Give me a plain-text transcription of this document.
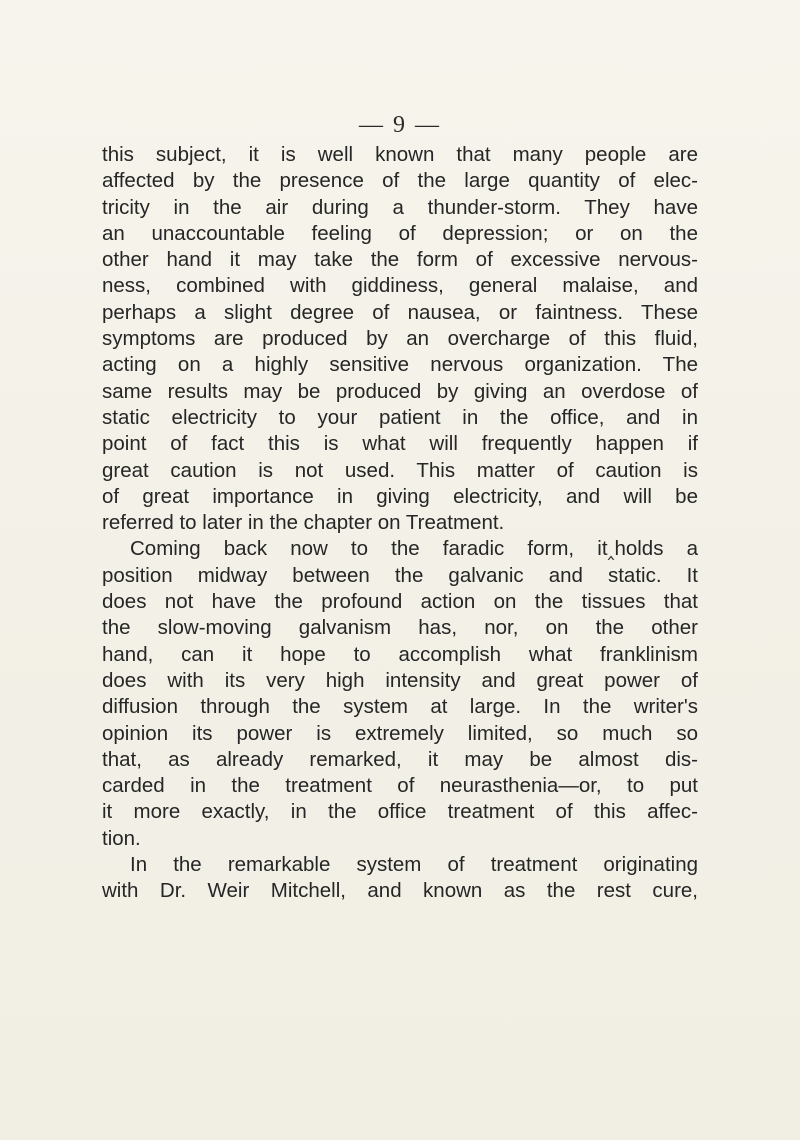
— 9 —
this subject, it is well known that many people are
affected by the presence of the large quantity of elec-
tricity in the air during a thunder-storm. They have
an unaccountable feeling of depression; or on the
other hand it may take the form of excessive nervous-
ness, combined with giddiness, general malaise, and
perhaps a slight degree of nausea, or faintness. These
symptoms are produced by an overcharge of this fluid,
acting on a highly sensitive nervous organization. The
same results may be produced by giving an overdose of
static electricity to your patient in the office, and in
point of fact this is what will frequently happen if
great caution is not used. This matter of caution is
of great importance in giving electricity, and will be
referred to later in the chapter on Treatment.
Coming back now to the faradic form, it‸holds a
position midway between the galvanic and static. It
does not have the profound action on the tissues that
the slow-moving galvanism has, nor, on the other
hand, can it hope to accomplish what franklinism
does with its very high intensity and great power of
diffusion through the system at large. In the writer's
opinion its power is extremely limited, so much so
that, as already remarked, it may be almost dis-
carded in the treatment of neurasthenia—or, to put
it more exactly, in the office treatment of this affec-
tion.
In the remarkable system of treatment originating
with Dr. Weir Mitchell, and known as the rest cure,
